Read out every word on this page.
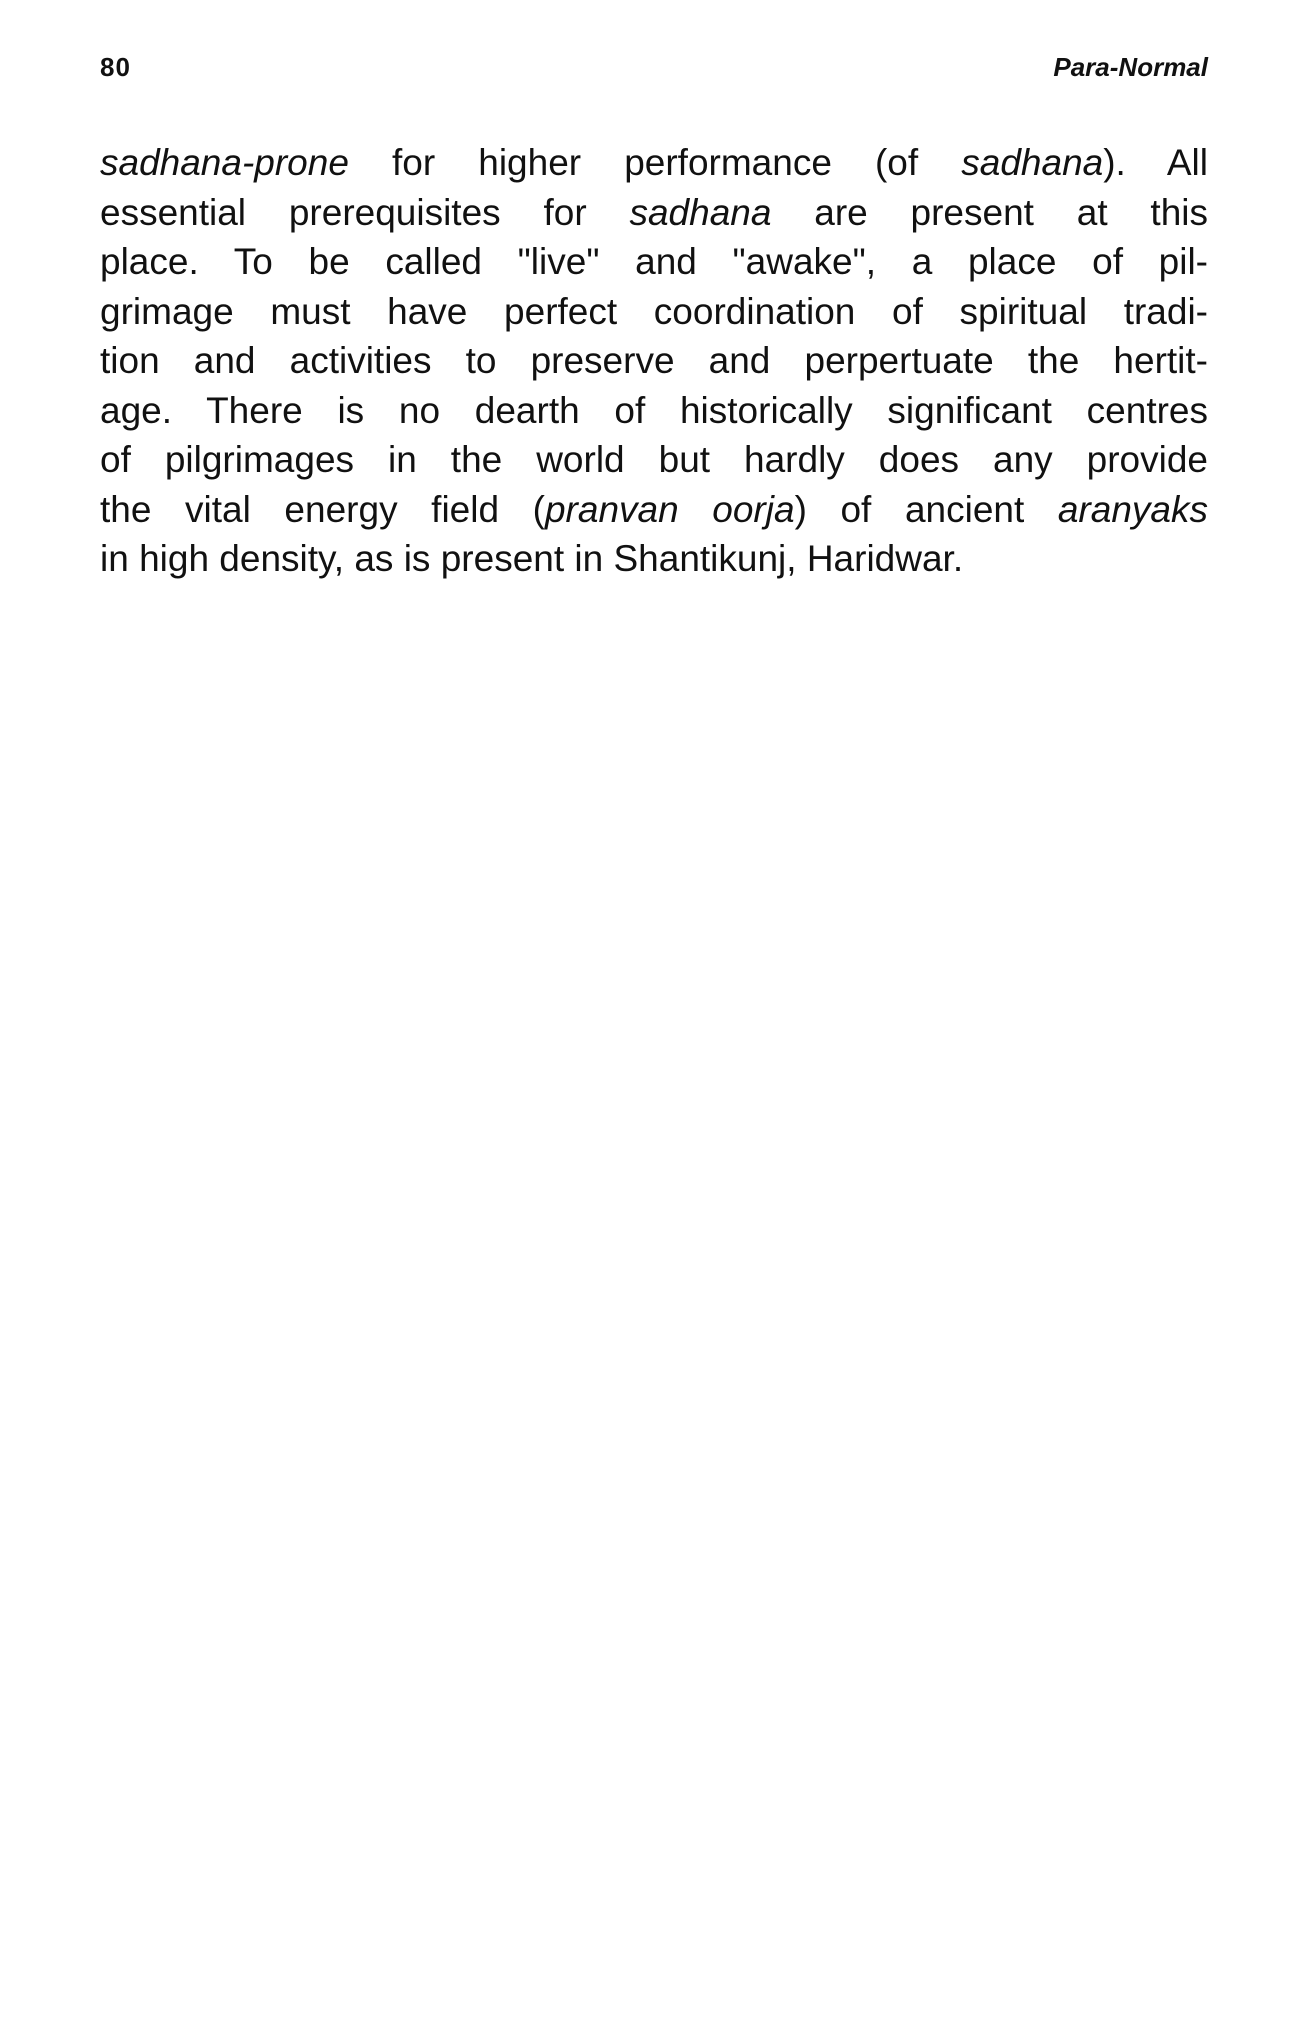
80	Para-Normal

sadhana-prone for higher performance (of sadhana). All
essential prerequisites for sadhana are present at this
place. To be called "live" and "awake", a place of pil-
grimage must have perfect coordination of spiritual tradi-
tion and activities to preserve and perpertuate the hertit-
age. There is no dearth of historically significant centres
of pilgrimages in the world but hardly does any provide
the vital energy field (pranvan oorja) of ancient aranyaks
in high density, as is present in Shantikunj, Haridwar.
